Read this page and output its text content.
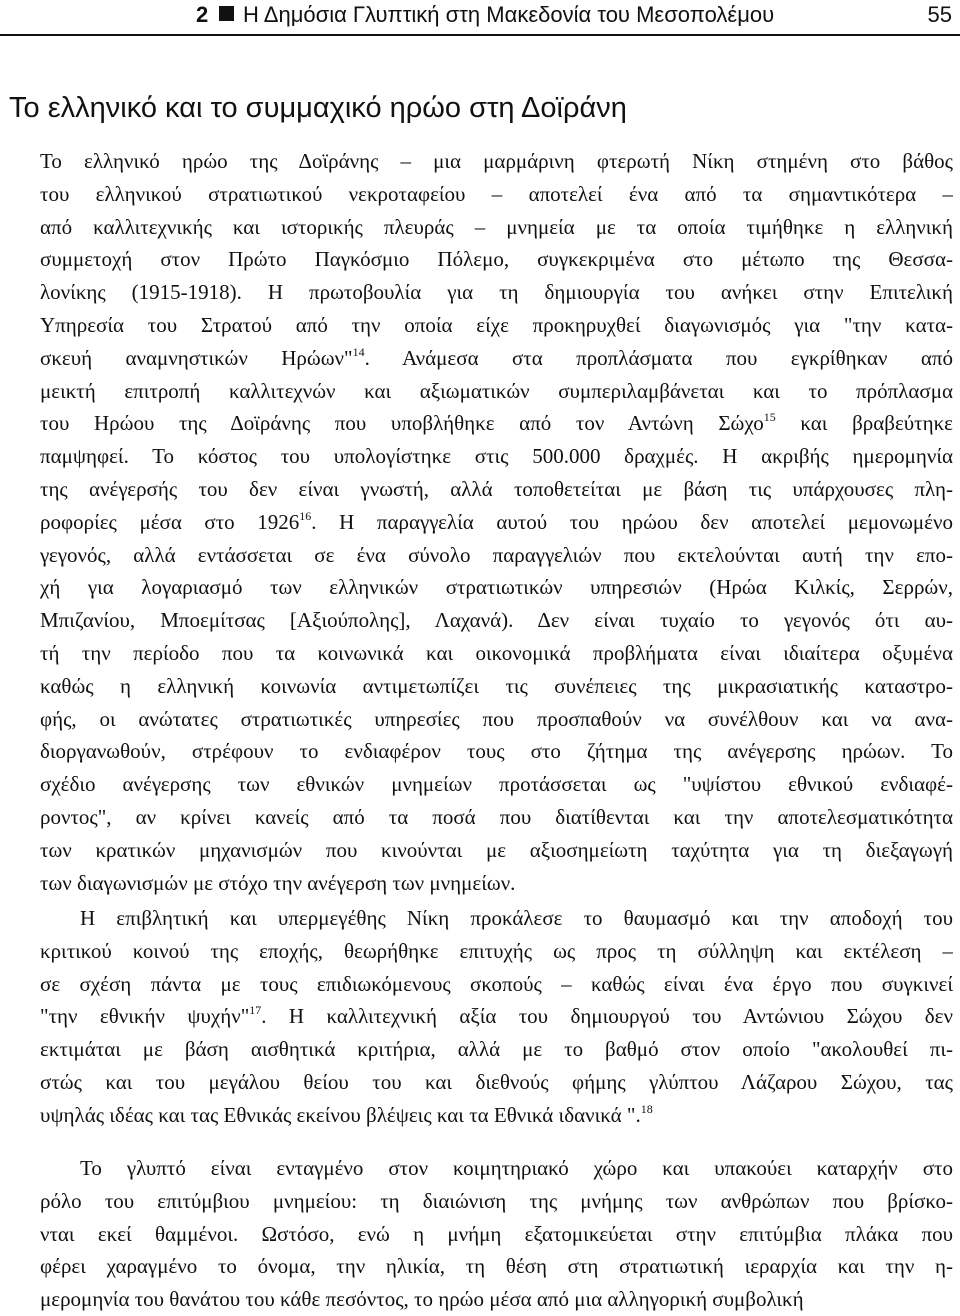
2 Η Δημόσια Γλυπτική στη Μακεδονία του Μεσοπολέμου	55
Το ελληνικό και το συμμαχικό ηρώο στη Δοϊράνη
Το ελληνικό ηρώο της Δοϊράνης – μια μαρμάρινη φτερωτή Νίκη στημένη στο βάθος
του ελληνικού στρατιωτικού νεκροταφείου – αποτελεί ένα από τα σημαντικότερα –
από καλλιτεχνικής και ιστορικής πλευράς – μνημεία με τα οποία τιμήθηκε η ελληνική
συμμετοχή στον Πρώτο Παγκόσμιο Πόλεμο, συγκεκριμένα στο μέτωπο της Θεσσα-
λονίκης (1915-1918). Η πρωτοβουλία για τη δημιουργία του ανήκει στην Επιτελική
Υπηρεσία του Στρατού από την οποία είχε προκηρυχθεί διαγωνισμός για "την κατα-
σκευή αναμνηστικών Ηρώων"$^{14}$. Ανάμεσα στα προπλάσματα που εγκρίθηκαν από
μεικτή επιτροπή καλλιτεχνών και αξιωματικών συμπεριλαμβάνεται και το πρόπλασμα
του Ηρώου της Δοϊράνης που υποβλήθηκε από τον Αντώνη Σώχο$^{15}$ και βραβεύτηκε
παμψηφεί. Το κόστος του υπολογίστηκε στις 500.000 δραχμές. Η ακριβής ημερομηνία
της ανέγερσής του δεν είναι γνωστή, αλλά τοποθετείται με βάση τις υπάρχουσες πλη-
ροφορίες μέσα στο 1926$^{16}$. Η παραγγελία αυτού του ηρώου δεν αποτελεί μεμονωμένο
γεγονός, αλλά εντάσσεται σε ένα σύνολο παραγγελιών που εκτελούνται αυτή την επο-
χή για λογαριασμό των ελληνικών στρατιωτικών υπηρεσιών (Ηρώα Κιλκίς, Σερρών,
Μπιζανίου, Μποεμίτσας [Αξιούπολης], Λαχανά). Δεν είναι τυχαίο το γεγονός ότι αυ-
τή την περίοδο που τα κοινωνικά και οικονομικά προβλήματα είναι ιδιαίτερα οξυμένα
καθώς η ελληνική κοινωνία αντιμετωπίζει τις συνέπειες της μικρασιατικής καταστρο-
φής, οι ανώτατες στρατιωτικές υπηρεσίες που προσπαθούν να συνέλθουν και να ανα-
διοργανωθούν, στρέφουν το ενδιαφέρον τους στο ζήτημα της ανέγερσης ηρώων. Το
σχέδιο ανέγερσης των εθνικών μνημείων προτάσσεται ως "υψίστου εθνικού ενδιαφέ-
ροντος", αν κρίνει κανείς από τα ποσά που διατίθενται και την αποτελεσματικότητα
των κρατικών μηχανισμών που κινούνται με αξιοσημείωτη ταχύτητα για τη διεξαγωγή
των διαγωνισμών με στόχο την ανέγερση των μνημείων.
Η επιβλητική και υπερμεγέθης Νίκη προκάλεσε το θαυμασμό και την αποδοχή του
κριτικού κοινού της εποχής, θεωρήθηκε επιτυχής ως προς τη σύλληψη και εκτέλεση –
σε σχέση πάντα με τους επιδιωκόμενους σκοπούς – καθώς είναι ένα έργο που συγκινεί
"την εθνικήν ψυχήν"$^{17}$. Η καλλιτεχνική αξία του δημιουργού του Αντώνιου Σώχου δεν
εκτιμάται με βάση αισθητικά κριτήρια, αλλά με το βαθμό στον οποίο "ακολουθεί πι-
στώς και του μεγάλου θείου του και διεθνούς φήμης γλύπτου Λάζαρου Σώχου, τας
υψηλάς ιδέας και τας Εθνικάς εκείνου βλέψεις και τα Εθνικά ιδανικά ".$^{18}$
Το γλυπτό είναι ενταγμένο στον κοιμητηριακό χώρο και υπακούει καταρχήν στο
ρόλο του επιτύμβιου μνημείου: τη διαιώνιση της μνήμης των ανθρώπων που βρίσκο-
νται εκεί θαμμένοι. Ωστόσο, ενώ η μνήμη εξατομικεύεται στην επιτύμβια πλάκα που
φέρει χαραγμένο το όνομα, την ηλικία, τη θέση στη στρατιωτική ιεραρχία και την η-
μερομηνία του θανάτου του κάθε πεσόντος, το ηρώο μέσα από μια αλληγορική συμβολική
